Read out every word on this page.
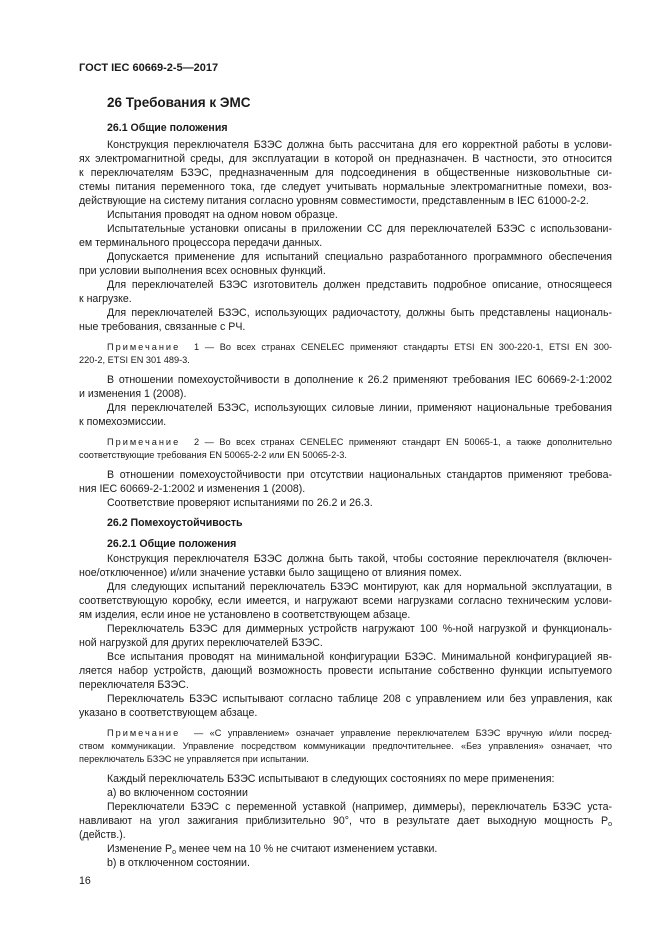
ГОСТ IEC 60669-2-5—2017
26 Требования к ЭМС
26.1 Общие положения
Конструкция переключателя БЗЭС должна быть рассчитана для его корректной работы в услови-
ях электромагнитной среды, для эксплуатации в которой он предназначен. В частности, это относится
к переключателям БЗЭС, предназначенным для подсоединения в общественные низковольтные си-
стемы питания переменного тока, где следует учитывать нормальные электромагнитные помехи, воз-
действующие на систему питания согласно уровням совместимости, представленным в IEC 61000-2-2.
Испытания проводят на одном новом образце.
Испытательные установки описаны в приложении СС для переключателей БЗЭС с использовани-
ем терминального процессора передачи данных.
Допускается применение для испытаний специально разработанного программного обеспечения
при условии выполнения всех основных функций.
Для переключателей БЗЭС изготовитель должен представить подробное описание, относящееся
к нагрузке.
Для переключателей БЗЭС, использующих радиочастоту, должны быть представлены националь-
ные требования, связанные с РЧ.
Примечание 1 — Во всех странах CENELEC применяют стандарты ETSI EN 300-220-1, ETSI EN 300-
220-2, ETSI EN 301 489-3.
В отношении помехоустойчивости в дополнение к 26.2 применяют требования IEC 60669-2-1:2002
и изменения 1 (2008).
Для переключателей БЗЭС, использующих силовые линии, применяют национальные требования
к помехоэмиссии.
Примечание 2 — Во всех странах CENELEC применяют стандарт EN 50065-1, а также дополнительно
соответствующие требования EN 50065-2-2 или EN 50065-2-3.
В отношении помехоустойчивости при отсутствии национальных стандартов применяют требова-
ния IEC 60669-2-1:2002 и изменения 1 (2008).
Соответствие проверяют испытаниями по 26.2 и 26.3.
26.2 Помехоустойчивость
26.2.1 Общие положения
Конструкция переключателя БЗЭС должна быть такой, чтобы состояние переключателя (включен-
ное/отключенное) и/или значение уставки было защищено от влияния помех.
Для следующих испытаний переключатель БЗЭС монтируют, как для нормальной эксплуатации, в
соответствующую коробку, если имеется, и нагружают всеми нагрузками согласно техническим услови-
ям изделия, если иное не установлено в соответствующем абзаце.
Переключатель БЗЭС для диммерных устройств нагружают 100 %-ной нагрузкой и функциональ-
ной нагрузкой для других переключателей БЗЭС.
Все испытания проводят на минимальной конфигурации БЗЭС. Минимальной конфигурацией яв-
ляется набор устройств, дающий возможность провести испытание собственно функции испытуемого
переключателя БЗЭС.
Переключатель БЗЭС испытывают согласно таблице 208 с управлением или без управления, как
указано в соответствующем абзаце.
Примечание — «С управлением» означает управление переключателем БЗЭС вручную и/или посред-
ством коммуникации. Управление посредством коммуникации предпочтительнее. «Без управления» означает, что
переключатель БЗЭС не управляется при испытании.
Каждый переключатель БЗЭС испытывают в следующих состояниях по мере применения:
а) во включенном состоянии
Переключатели БЗЭС с переменной уставкой (например, диммеры), переключатель БЗЭС уста-
навливают на угол зажигания приблизительно 90°, что в результате дает выходную мощность $P_o$
(действ.).
Изменение $P_o$ менее чем на 10 % не считают изменением уставки.
b) в отключенном состоянии.
16
